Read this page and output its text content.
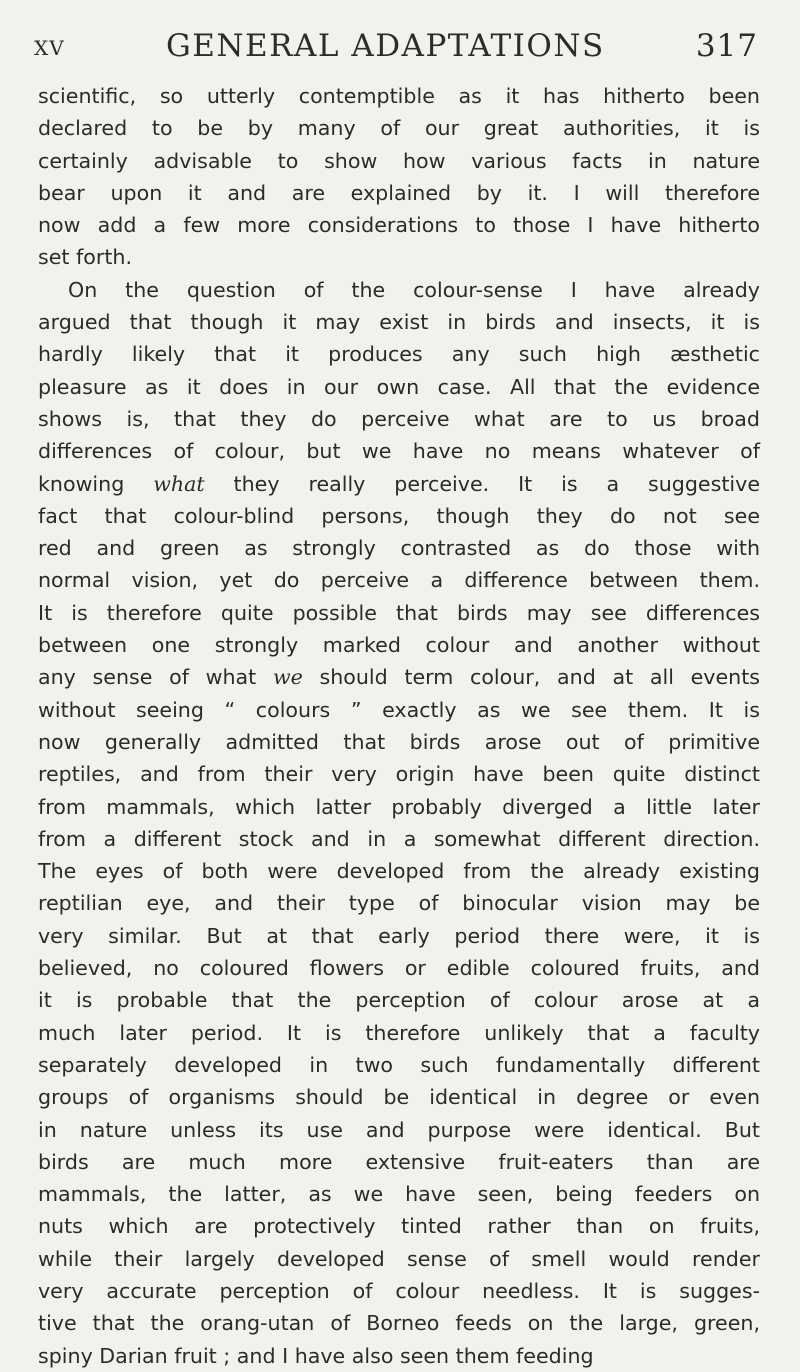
XV	GENERAL ADAPTATIONS	317
scientific, so utterly contemptible as it has hitherto been
declared to be by many of our great authorities, it is
certainly advisable to show how various facts in nature
bear upon it and are explained by it. I will therefore
now add a few more considerations to those I have hitherto
set forth.
On the question of the colour-sense I have already
argued that though it may exist in birds and insects, it is
hardly likely that it produces any such high æsthetic
pleasure as it does in our own case. All that the evidence
shows is, that they do perceive what are to us broad
differences of colour, but we have no means whatever of
knowing what they really perceive. It is a suggestive
fact that colour-blind persons, though they do not see
red and green as strongly contrasted as do those with
normal vision, yet do perceive a difference between them.
It is therefore quite possible that birds may see differences
between one strongly marked colour and another without
any sense of what we should term colour, and at all events
without seeing “ colours ” exactly as we see them. It is
now generally admitted that birds arose out of primitive
reptiles, and from their very origin have been quite distinct
from mammals, which latter probably diverged a little later
from a different stock and in a somewhat different direction.
The eyes of both were developed from the already existing
reptilian eye, and their type of binocular vision may be
very similar. But at that early period there were, it is
believed, no coloured flowers or edible coloured fruits, and
it is probable that the perception of colour arose at a
much later period. It is therefore unlikely that a faculty
separately developed in two such fundamentally different
groups of organisms should be identical in degree or even
in nature unless its use and purpose were identical. But
birds are much more extensive fruit-eaters than are
mammals, the latter, as we have seen, being feeders on
nuts which are protectively tinted rather than on fruits,
while their largely developed sense of smell would render
very accurate perception of colour needless. It is sugges-
tive that the orang-utan of Borneo feeds on the large, green,
spiny Darian fruit ; and I have also seen them feeding
